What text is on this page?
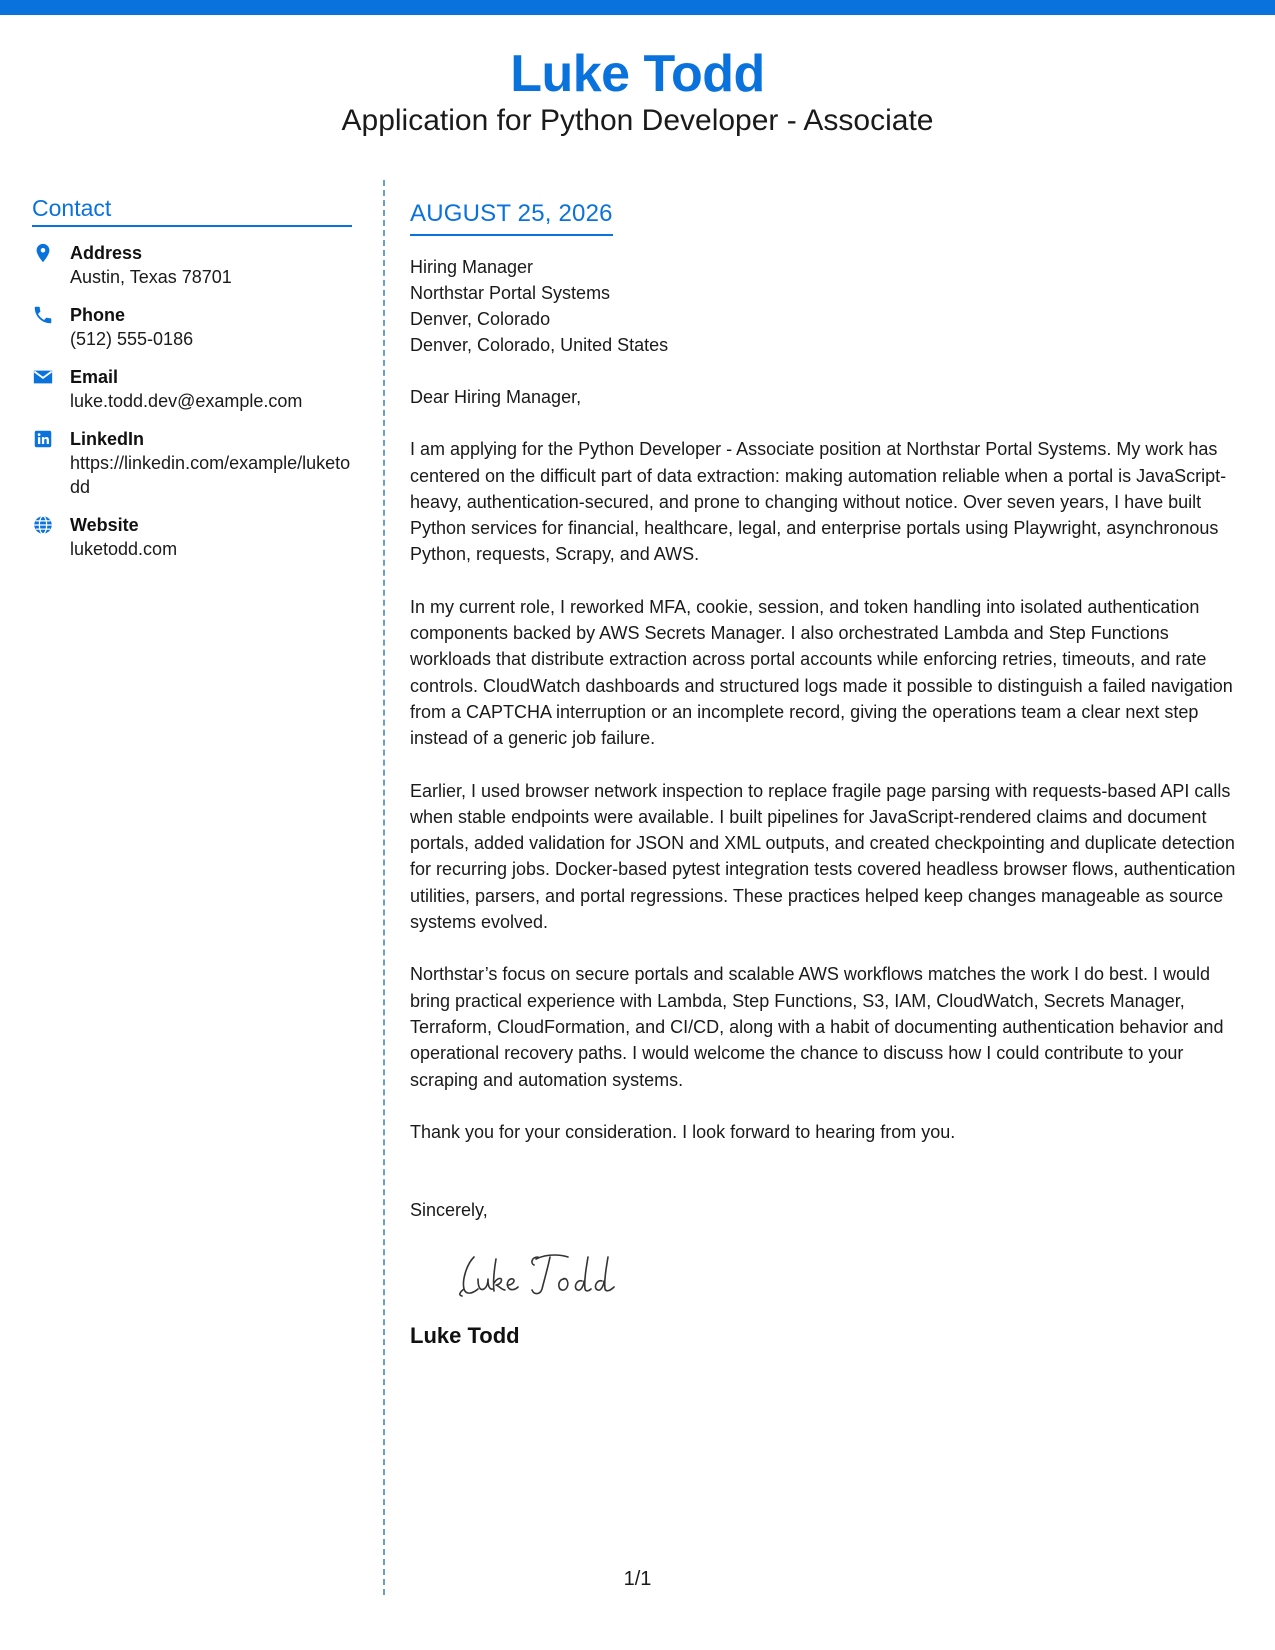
Luke Todd
Application for Python Developer - Associate
Contact
Address
Austin, Texas 78701
Phone
(512) 555-0186
Email
luke.todd.dev@example.com
LinkedIn
https://linkedin.com/example/luketodd
Website
luketodd.com
AUGUST 25, 2026
Hiring Manager
Northstar Portal Systems
Denver, Colorado
Denver, Colorado, United States

Dear Hiring Manager,

I am applying for the Python Developer - Associate position at Northstar Portal Systems. My work has centered on the difficult part of data extraction: making automation reliable when a portal is JavaScript-heavy, authentication-secured, and prone to changing without notice. Over seven years, I have built Python services for financial, healthcare, legal, and enterprise portals using Playwright, asynchronous Python, requests, Scrapy, and AWS.

In my current role, I reworked MFA, cookie, session, and token handling into isolated authentication components backed by AWS Secrets Manager. I also orchestrated Lambda and Step Functions workloads that distribute extraction across portal accounts while enforcing retries, timeouts, and rate controls. CloudWatch dashboards and structured logs made it possible to distinguish a failed navigation from a CAPTCHA interruption or an incomplete record, giving the operations team a clear next step instead of a generic job failure.

Earlier, I used browser network inspection to replace fragile page parsing with requests-based API calls when stable endpoints were available. I built pipelines for JavaScript-rendered claims and document portals, added validation for JSON and XML outputs, and created checkpointing and duplicate detection for recurring jobs. Docker-based pytest integration tests covered headless browser flows, authentication utilities, parsers, and portal regressions. These practices helped keep changes manageable as source systems evolved.

Northstar’s focus on secure portals and scalable AWS workflows matches the work I do best. I would bring practical experience with Lambda, Step Functions, S3, IAM, CloudWatch, Secrets Manager, Terraform, CloudFormation, and CI/CD, along with a habit of documenting authentication behavior and operational recovery paths. I would welcome the chance to discuss how I could contribute to your scraping and automation systems.

Thank you for your consideration. I look forward to hearing from you.

Sincerely,
Luke Todd
1/1
